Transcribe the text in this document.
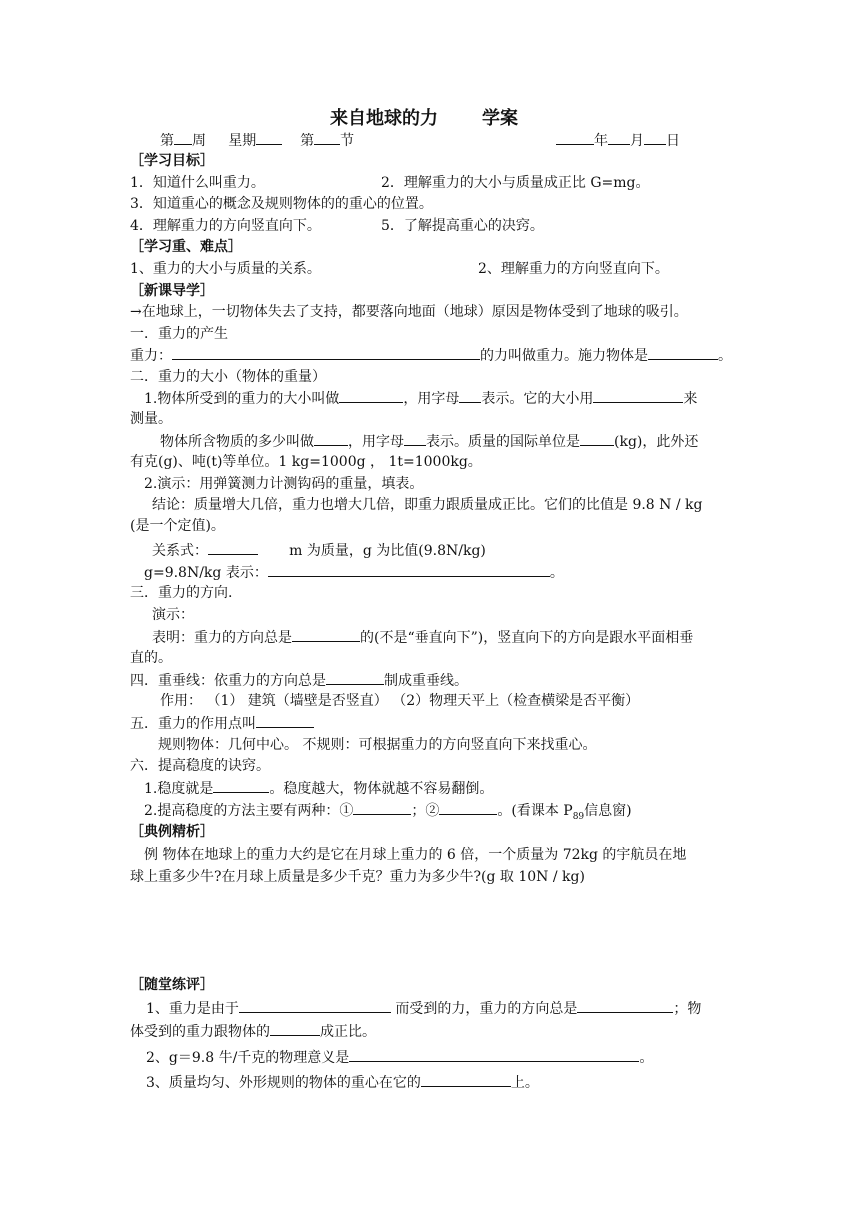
来自地球的力 学案
第 周 星期	第 节	年 月 日
［学习目标］
1．知道什么叫重力。	2．理解重力的大小与质量成正比 G=mg。
3．知道重心的概念及规则物体的的重心的位置。
4．理解重力的方向竖直向下。	5．了解提高重心的决窍。
［学习重、难点］
1、重力的大小与质量的关系。	2、理解重力的方向竖直向下。
［新课导学］
→在地球上，一切物体失去了支持，都要落向地面（地球）原因是物体受到了地球的吸引。
一．重力的产生
重力：	的力叫做重力。施力物体是	。
二．重力的大小（物体的重量）
1.物体所受到的重力的大小叫做	，用字母 表示。它的大小用	来
测量。
物体所含物质的多少叫做 ，用字母 表示。质量的国际单位是 (kg)，此外还
有克(g)、吨(t)等单位。1 kg=1000g ， 1t=1000kg。
2.演示：用弹簧测力计测钩码的重量，填表。
结论：质量增大几倍，重力也增大几倍，即重力跟质量成正比。它们的比值是 9.8 N / kg
(是一个定值)。
关系式：	m 为质量，g 为比值(9.8N/kg)
g=9.8N/kg 表示：	。
三．重力的方向.
演示：
表明：重力的方向总是	的(不是“垂直向下”)，竖直向下的方向是跟水平面相垂
直的。
四．重垂线：依重力的方向总是	制成重垂线。
作用： （1） 建筑（墙壁是否竖直） （2）物理天平上（检查横梁是否平衡）
五．重力的作用点叫
规则物体：几何中心。 不规则：可根据重力的方向竖直向下来找重心。
六．提高稳度的诀窍。
1.稳度就是	。稳度越大，物体就越不容易翻倒。
2.提高稳度的方法主要有两种：①	；②	。(看课本 $P_{89}$信息窗)
［典例精析］
例 物体在地球上的重力大约是它在月球上重力的 6 倍，一个质量为 72kg 的宇航员在地
球上重多少牛?在月球上质量是多少千克？重力为多少牛?(g 取 10N / kg)
［随堂练评］
1、重力是由于	而受到的力，重力的方向总是	；物
体受到的重力跟物体的	成正比。
2、g＝9.8 牛/千克的物理意义是	。
3、质量均匀、外形规则的物体的重心在它的	上。
